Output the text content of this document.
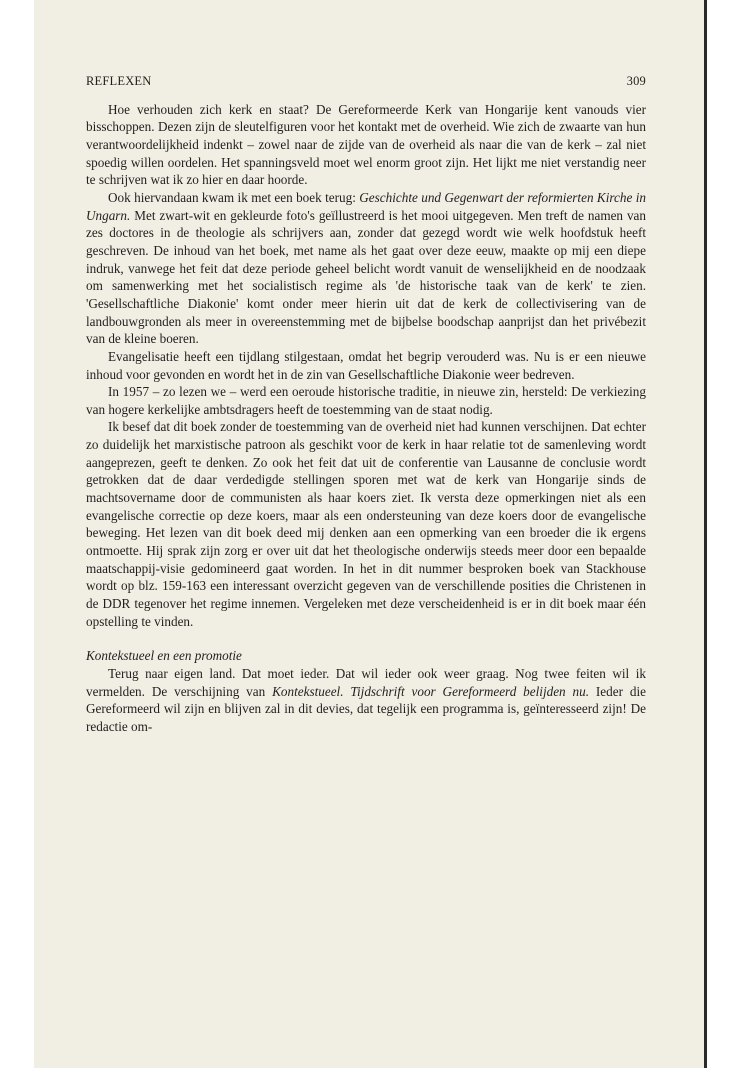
REFLEXEN	309

Hoe verhouden zich kerk en staat? De Gereformeerde Kerk van Hongarije kent vanouds vier bisschoppen. Dezen zijn de sleutelfiguren voor het kontakt met de overheid. Wie zich de zwaarte van hun verantwoordelijkheid indenkt – zowel naar de zijde van de overheid als naar die van de kerk – zal niet spoedig willen oordelen. Het spanningsveld moet wel enorm groot zijn. Het lijkt me niet verstandig neer te schrijven wat ik zo hier en daar hoorde.

Ook hiervandaan kwam ik met een boek terug: Geschichte und Gegenwart der reformierten Kirche in Ungarn. Met zwart-wit en gekleurde foto's geïllustreerd is het mooi uitgegeven. Men treft de namen van zes doctores in de theologie als schrijvers aan, zonder dat gezegd wordt wie welk hoofdstuk heeft geschreven. De inhoud van het boek, met name als het gaat over deze eeuw, maakte op mij een diepe indruk, vanwege het feit dat deze periode geheel belicht wordt vanuit de wenselijkheid en de noodzaak om samenwerking met het socialistisch regime als 'de historische taak van de kerk' te zien. 'Gesellschaftliche Diakonie' komt onder meer hierin uit dat de kerk de collectivisering van de landbouwgronden als meer in overeenstemming met de bijbelse boodschap aanprijst dan het privébezit van de kleine boeren.

Evangelisatie heeft een tijdlang stilgestaan, omdat het begrip verouderd was. Nu is er een nieuwe inhoud voor gevonden en wordt het in de zin van Gesellschaftliche Diakonie weer bedreven.

In 1957 – zo lezen we – werd een oeroude historische traditie, in nieuwe zin, hersteld: De verkiezing van hogere kerkelijke ambtsdragers heeft de toestemming van de staat nodig.

Ik besef dat dit boek zonder de toestemming van de overheid niet had kunnen verschijnen. Dat echter zo duidelijk het marxistische patroon als geschikt voor de kerk in haar relatie tot de samenleving wordt aangeprezen, geeft te denken. Zo ook het feit dat uit de conferentie van Lausanne de conclusie wordt getrokken dat de daar verdedigde stellingen sporen met wat de kerk van Hongarije sinds de machtsovername door de communisten als haar koers ziet. Ik versta deze opmerkingen niet als een evangelische correctie op deze koers, maar als een ondersteuning van deze koers door de evangelische beweging. Het lezen van dit boek deed mij denken aan een opmerking van een broeder die ik ergens ontmoette. Hij sprak zijn zorg er over uit dat het theologische onderwijs steeds meer door een bepaalde maatschappij-visie gedomineerd gaat worden. In het in dit nummer besproken boek van Stackhouse wordt op blz. 159-163 een interessant overzicht gegeven van de verschillende posities die Christenen in de DDR tegenover het regime innemen. Vergeleken met deze verscheidenheid is er in dit boek maar één opstelling te vinden.

Kontekstueel en een promotie

Terug naar eigen land. Dat moet ieder. Dat wil ieder ook weer graag. Nog twee feiten wil ik vermelden. De verschijning van Kontekstueel. Tijdschrift voor Gereformeerd belijden nu. Ieder die Gereformeerd wil zijn en blijven zal in dit devies, dat tegelijk een programma is, geïnteresseerd zijn! De redactie om-
